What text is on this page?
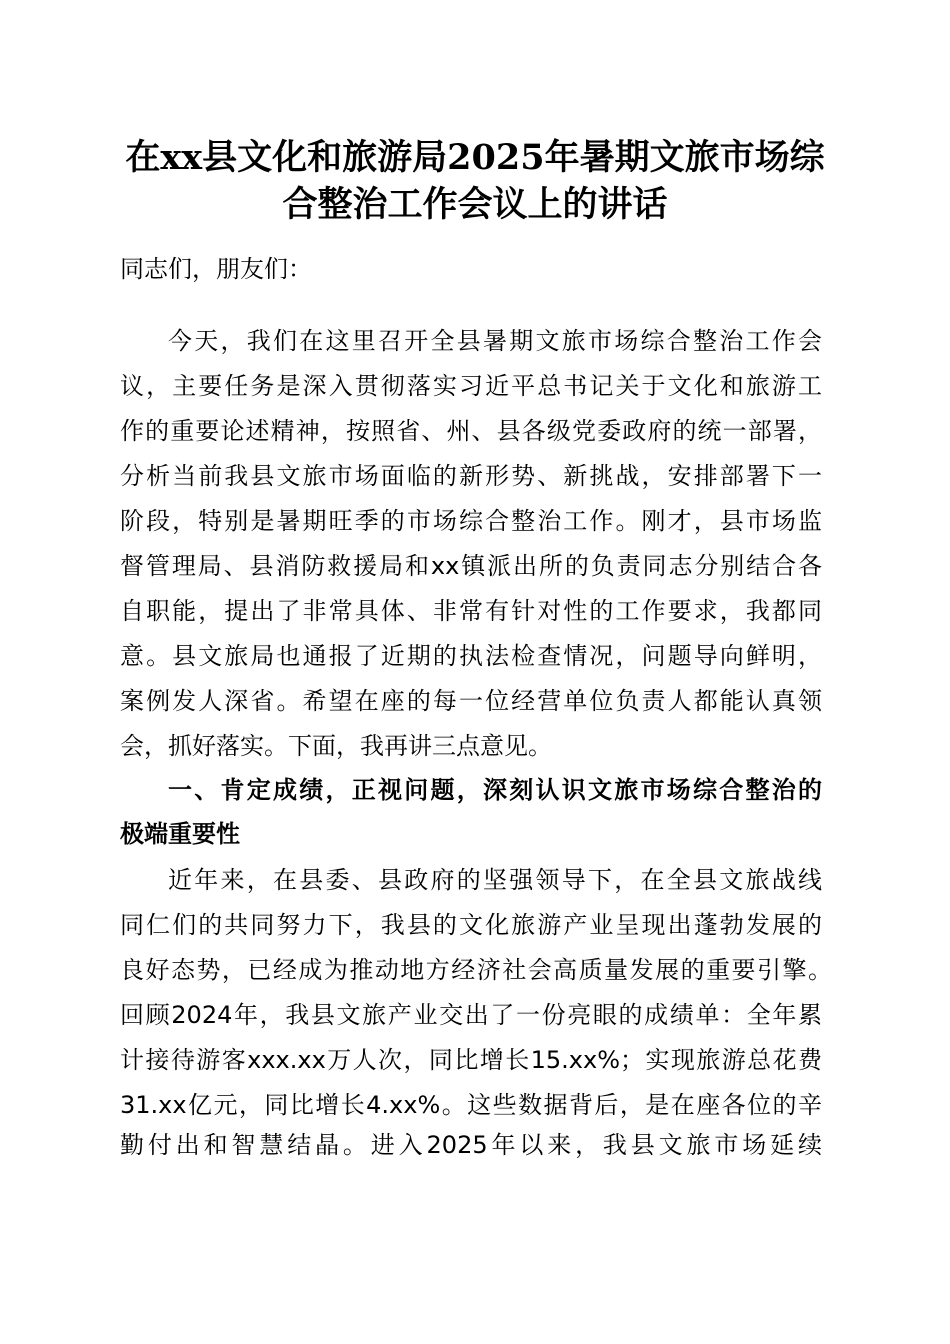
在xx县文化和旅游局2025年暑期文旅市场综
合整治工作会议上的讲话
同志们，朋友们：
今天，我们在这里召开全县暑期文旅市场综合整治工作会
议，主要任务是深入贯彻落实习近平总书记关于文化和旅游工
作的重要论述精神，按照省、州、县各级党委政府的统一部署，
分析当前我县文旅市场面临的新形势、新挑战，安排部署下一
阶段，特别是暑期旺季的市场综合整治工作。刚才，县市场监
督管理局、县消防救援局和xx镇派出所的负责同志分别结合各
自职能，提出了非常具体、非常有针对性的工作要求，我都同
意。县文旅局也通报了近期的执法检查情况，问题导向鲜明，
案例发人深省。希望在座的每一位经营单位负责人都能认真领
会，抓好落实。下面，我再讲三点意见。
一、肯定成绩，正视问题，深刻认识文旅市场综合整治的
极端重要性
近年来，在县委、县政府的坚强领导下，在全县文旅战线
同仁们的共同努力下，我县的文化旅游产业呈现出蓬勃发展的
良好态势，已经成为推动地方经济社会高质量发展的重要引擎。
回顾2024年，我县文旅产业交出了一份亮眼的成绩单：全年累
计接待游客xxx.xx万人次，同比增长15.xx%；实现旅游总花费
31.xx亿元，同比增长4.xx%。这些数据背后，是在座各位的辛
勤付出和智慧结晶。进入2025年以来，我县文旅市场延续
